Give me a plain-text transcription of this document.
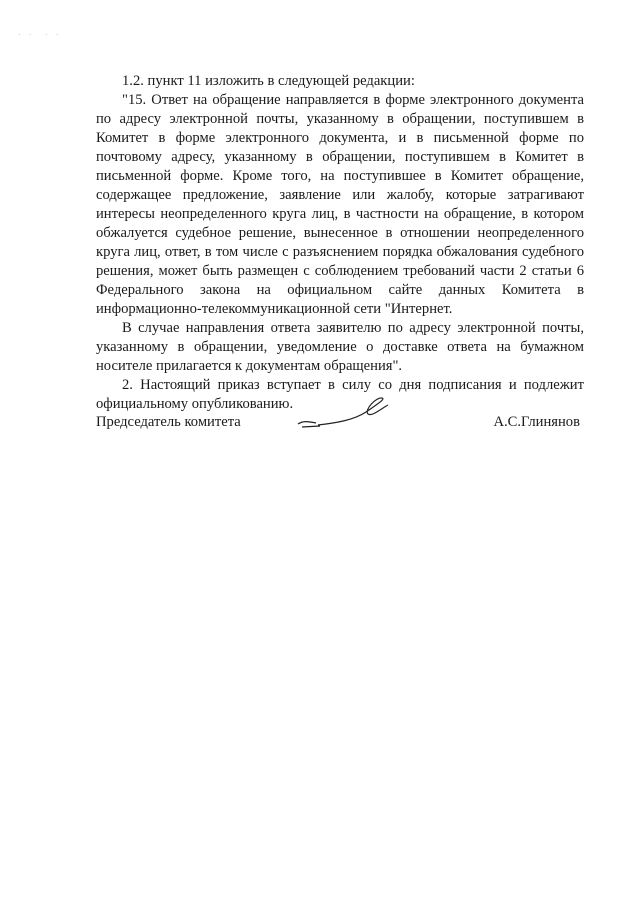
· ·  · ·

1.2. пункт 11 изложить в следующей редакции:

"15. Ответ на обращение направляется в форме электронного документа по адресу электронной почты, указанному в обращении, поступившем в Комитет в форме электронного документа, и в письменной форме по почтовому адресу, указанному в обращении, поступившем в Комитет в письменной форме. Кроме того, на поступившее в Комитет обращение, содержащее предложение, заявление или жалобу, которые затрагивают интересы неопределенного круга лиц, в частности на обращение, в котором обжалуется судебное решение, вынесенное в отношении неопределенного круга лиц, ответ, в том числе с разъяснением порядка обжалования судебного решения, может быть размещен с соблюдением требований части 2 статьи 6 Федерального закона на официальном сайте данных Комитета в информационно-телекоммуникационной сети "Интернет.

В случае направления ответа заявителю по адресу электронной почты, указанному в обращении, уведомление о доставке ответа на бумажном носителе прилагается к документам обращения".

2. Настоящий приказ вступает в силу со дня подписания и подлежит официальному опубликованию.

Председатель комитета	А.С.Глинянов
